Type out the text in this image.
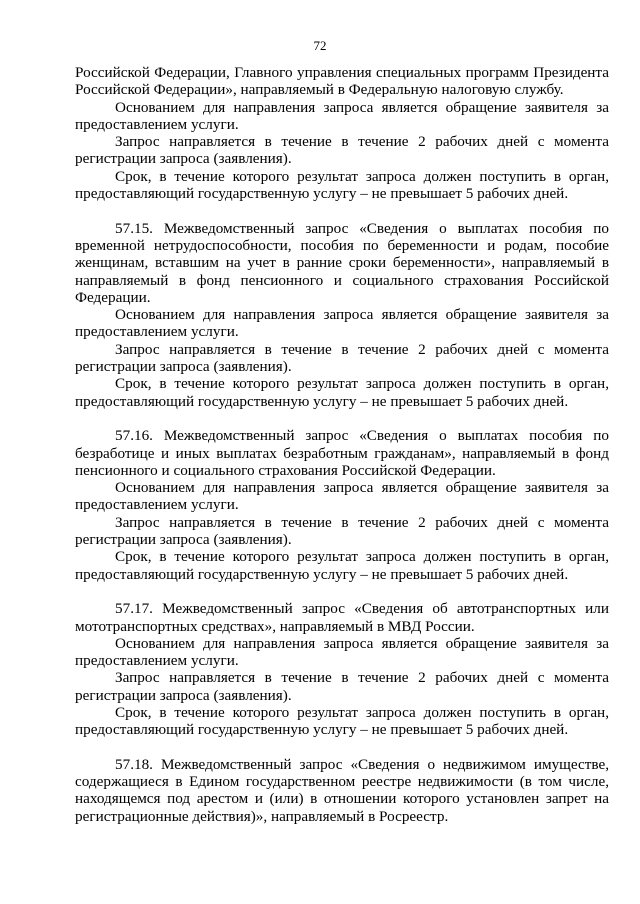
72

Российской Федерации, Главного управления специальных программ Президента Российской Федерации», направляемый в Федеральную налоговую службу.

Основанием для направления запроса является обращение заявителя за предоставлением услуги.

Запрос направляется в течение в течение 2 рабочих дней с момента регистрации запроса (заявления).

Срок, в течение которого результат запроса должен поступить в орган, предоставляющий государственную услугу – не превышает 5 рабочих дней.

57.15. Межведомственный запрос «Сведения о выплатах пособия по временной нетрудоспособности, пособия по беременности и родам, пособие женщинам, вставшим на учет в ранние сроки беременности», направляемый в направляемый в фонд пенсионного и социального страхования Российской Федерации.

Основанием для направления запроса является обращение заявителя за предоставлением услуги.

Запрос направляется в течение в течение 2 рабочих дней с момента регистрации запроса (заявления).

Срок, в течение которого результат запроса должен поступить в орган, предоставляющий государственную услугу – не превышает 5 рабочих дней.

57.16. Межведомственный запрос «Сведения о выплатах пособия по безработице и иных выплатах безработным гражданам», направляемый в фонд пенсионного и социального страхования Российской Федерации.

Основанием для направления запроса является обращение заявителя за предоставлением услуги.

Запрос направляется в течение в течение 2 рабочих дней с момента регистрации запроса (заявления).

Срок, в течение которого результат запроса должен поступить в орган, предоставляющий государственную услугу – не превышает 5 рабочих дней.

57.17. Межведомственный запрос «Сведения об автотранспортных или мототранспортных средствах», направляемый в МВД России.

Основанием для направления запроса является обращение заявителя за предоставлением услуги.

Запрос направляется в течение в течение 2 рабочих дней с момента регистрации запроса (заявления).

Срок, в течение которого результат запроса должен поступить в орган, предоставляющий государственную услугу – не превышает 5 рабочих дней.

57.18. Межведомственный запрос «Сведения о недвижимом имуществе, содержащиеся в Едином государственном реестре недвижимости (в том числе, находящемся под арестом и (или) в отношении которого установлен запрет на регистрационные действия)», направляемый в Росреестр.
